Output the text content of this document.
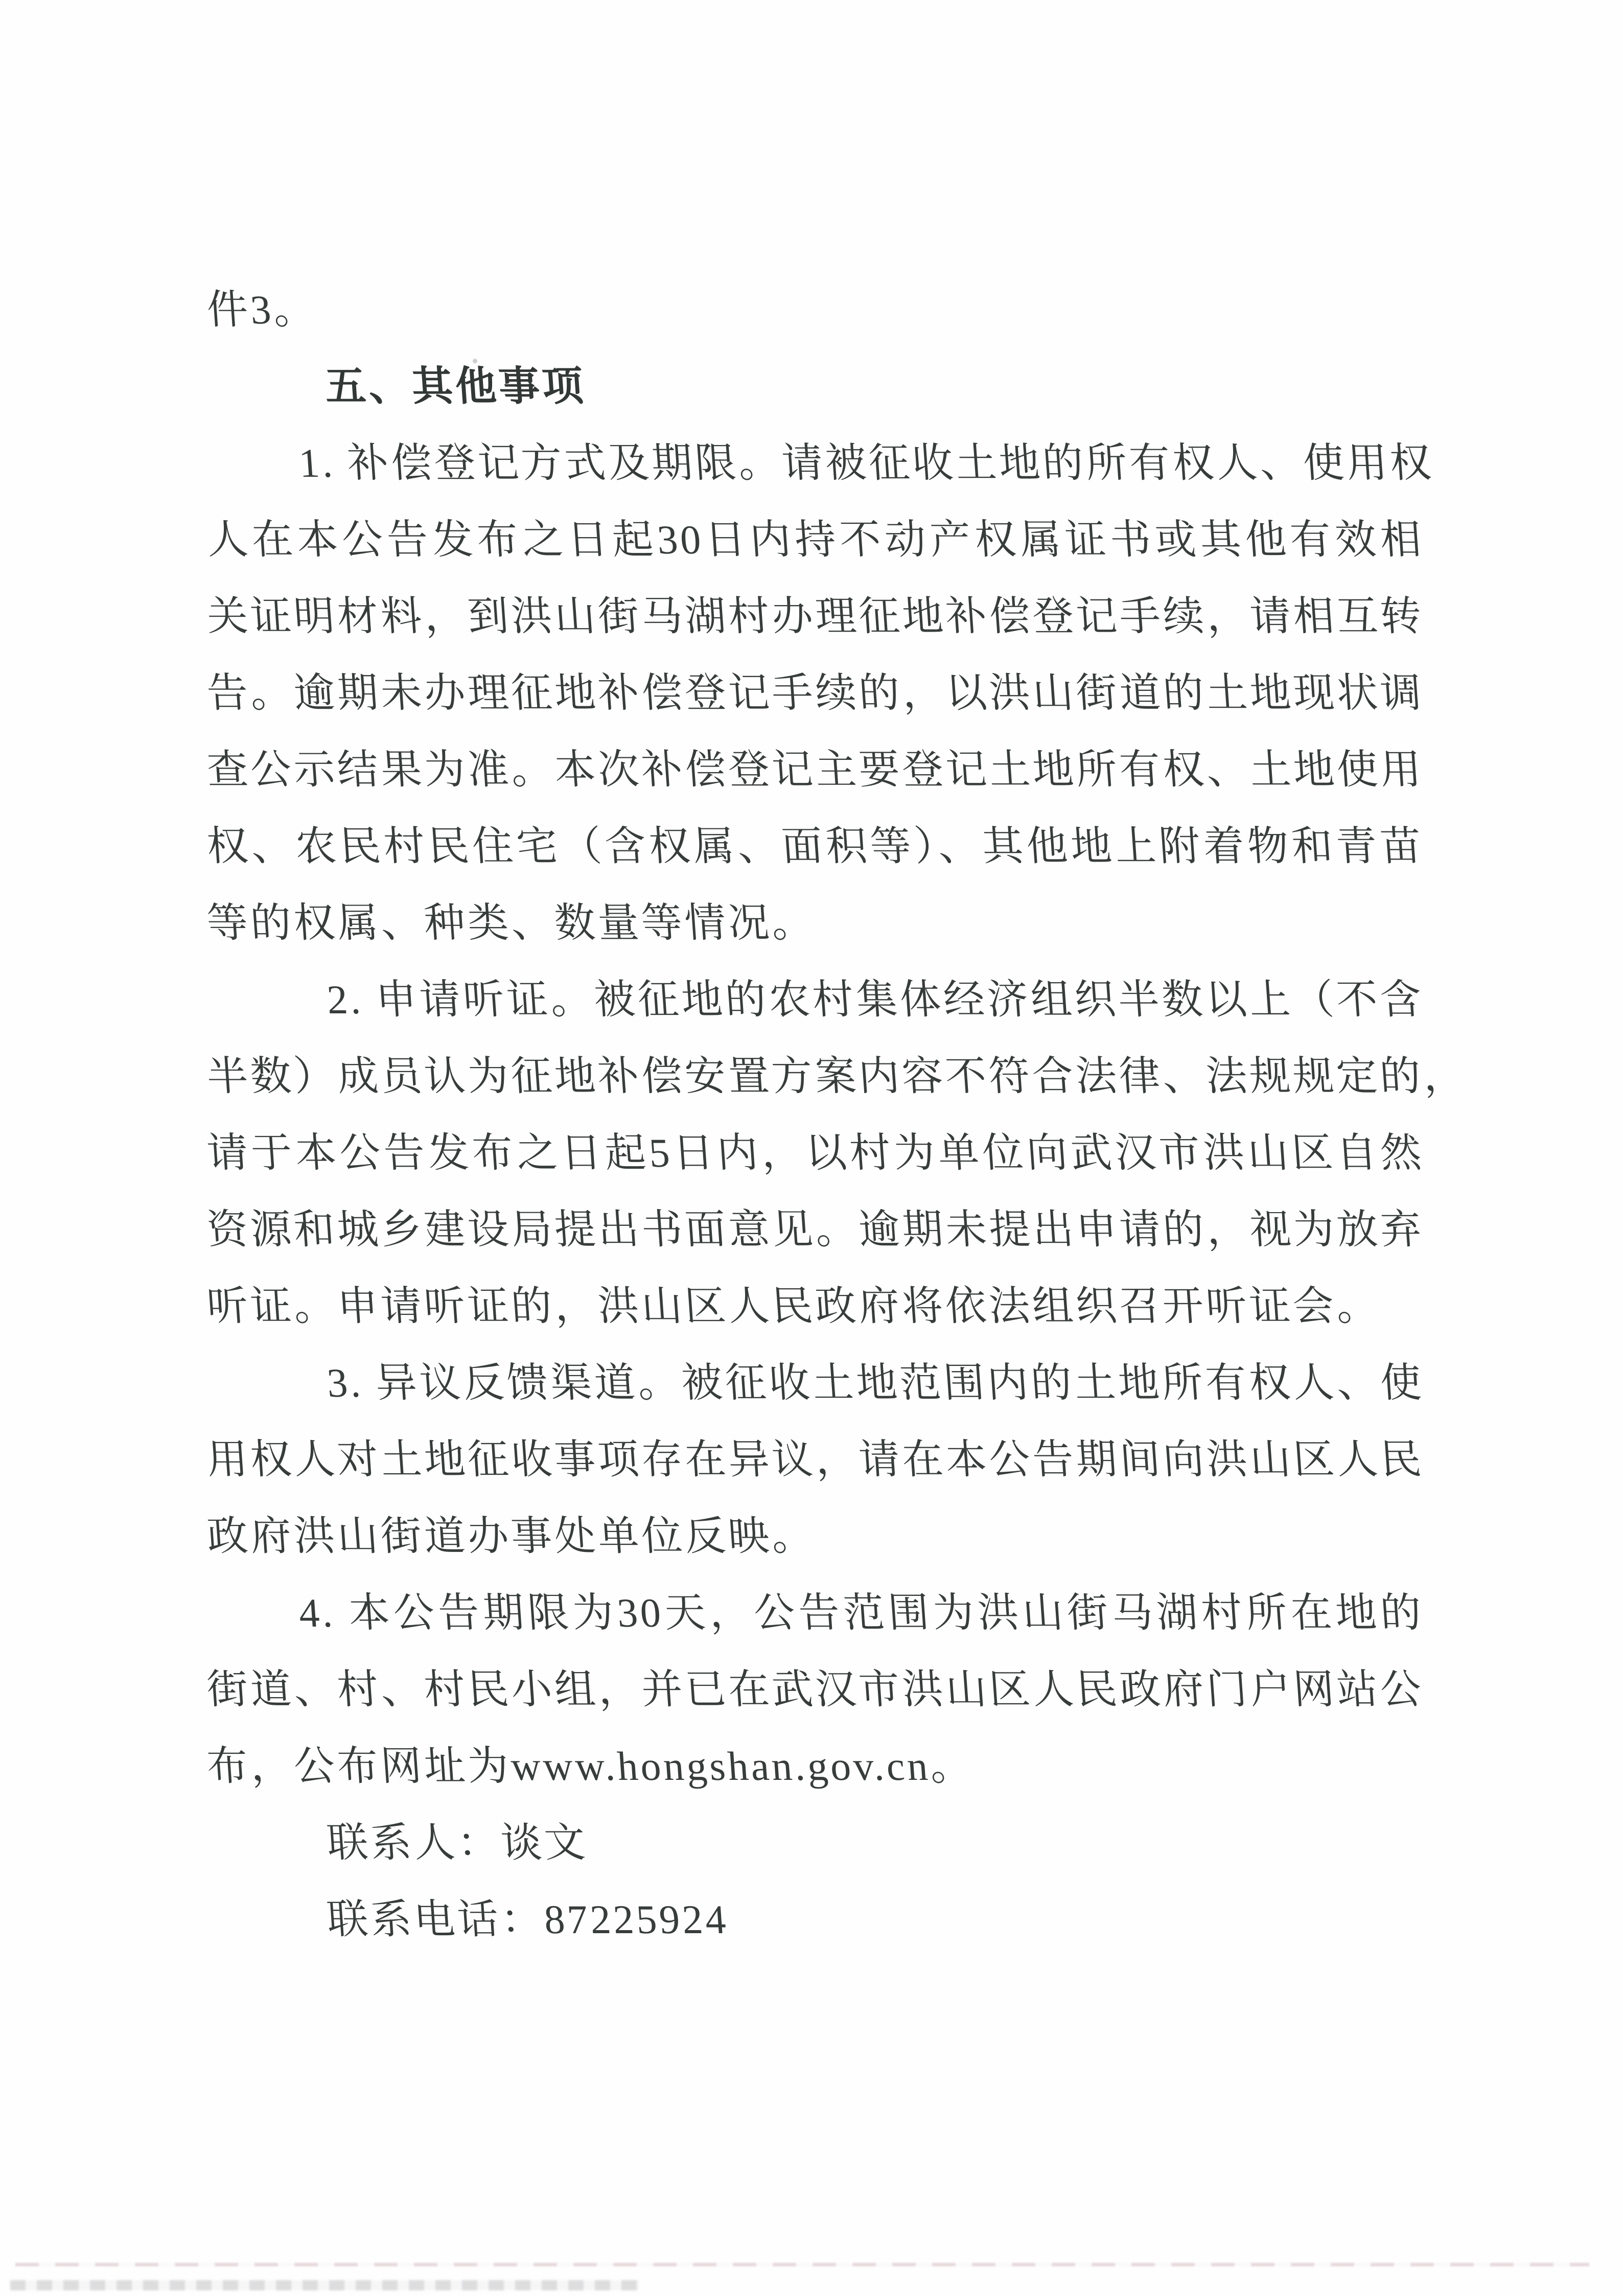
件3。
五、其他事项
1. 补偿登记方式及期限。请被征收土地的所有权人、使用权
人在本公告发布之日起30日内持不动产权属证书或其他有效相
关证明材料，到洪山街马湖村办理征地补偿登记手续，请相互转
告。逾期未办理征地补偿登记手续的，以洪山街道的土地现状调
查公示结果为准。本次补偿登记主要登记土地所有权、土地使用
权、农民村民住宅（含权属、面积等）、其他地上附着物和青苗
等的权属、种类、数量等情况。
2. 申请听证。被征地的农村集体经济组织半数以上（不含
半数）成员认为征地补偿安置方案内容不符合法律、法规规定的，
请于本公告发布之日起5日内，以村为单位向武汉市洪山区自然
资源和城乡建设局提出书面意见。逾期未提出申请的，视为放弃
听证。申请听证的，洪山区人民政府将依法组织召开听证会。
3. 异议反馈渠道。被征收土地范围内的土地所有权人、使
用权人对土地征收事项存在异议，请在本公告期间向洪山区人民
政府洪山街道办事处单位反映。
4. 本公告期限为30天，公告范围为洪山街马湖村所在地的
街道、村、村民小组，并已在武汉市洪山区人民政府门户网站公
布，公布网址为www.hongshan.gov.cn。
联系人：谈文
联系电话：87225924
